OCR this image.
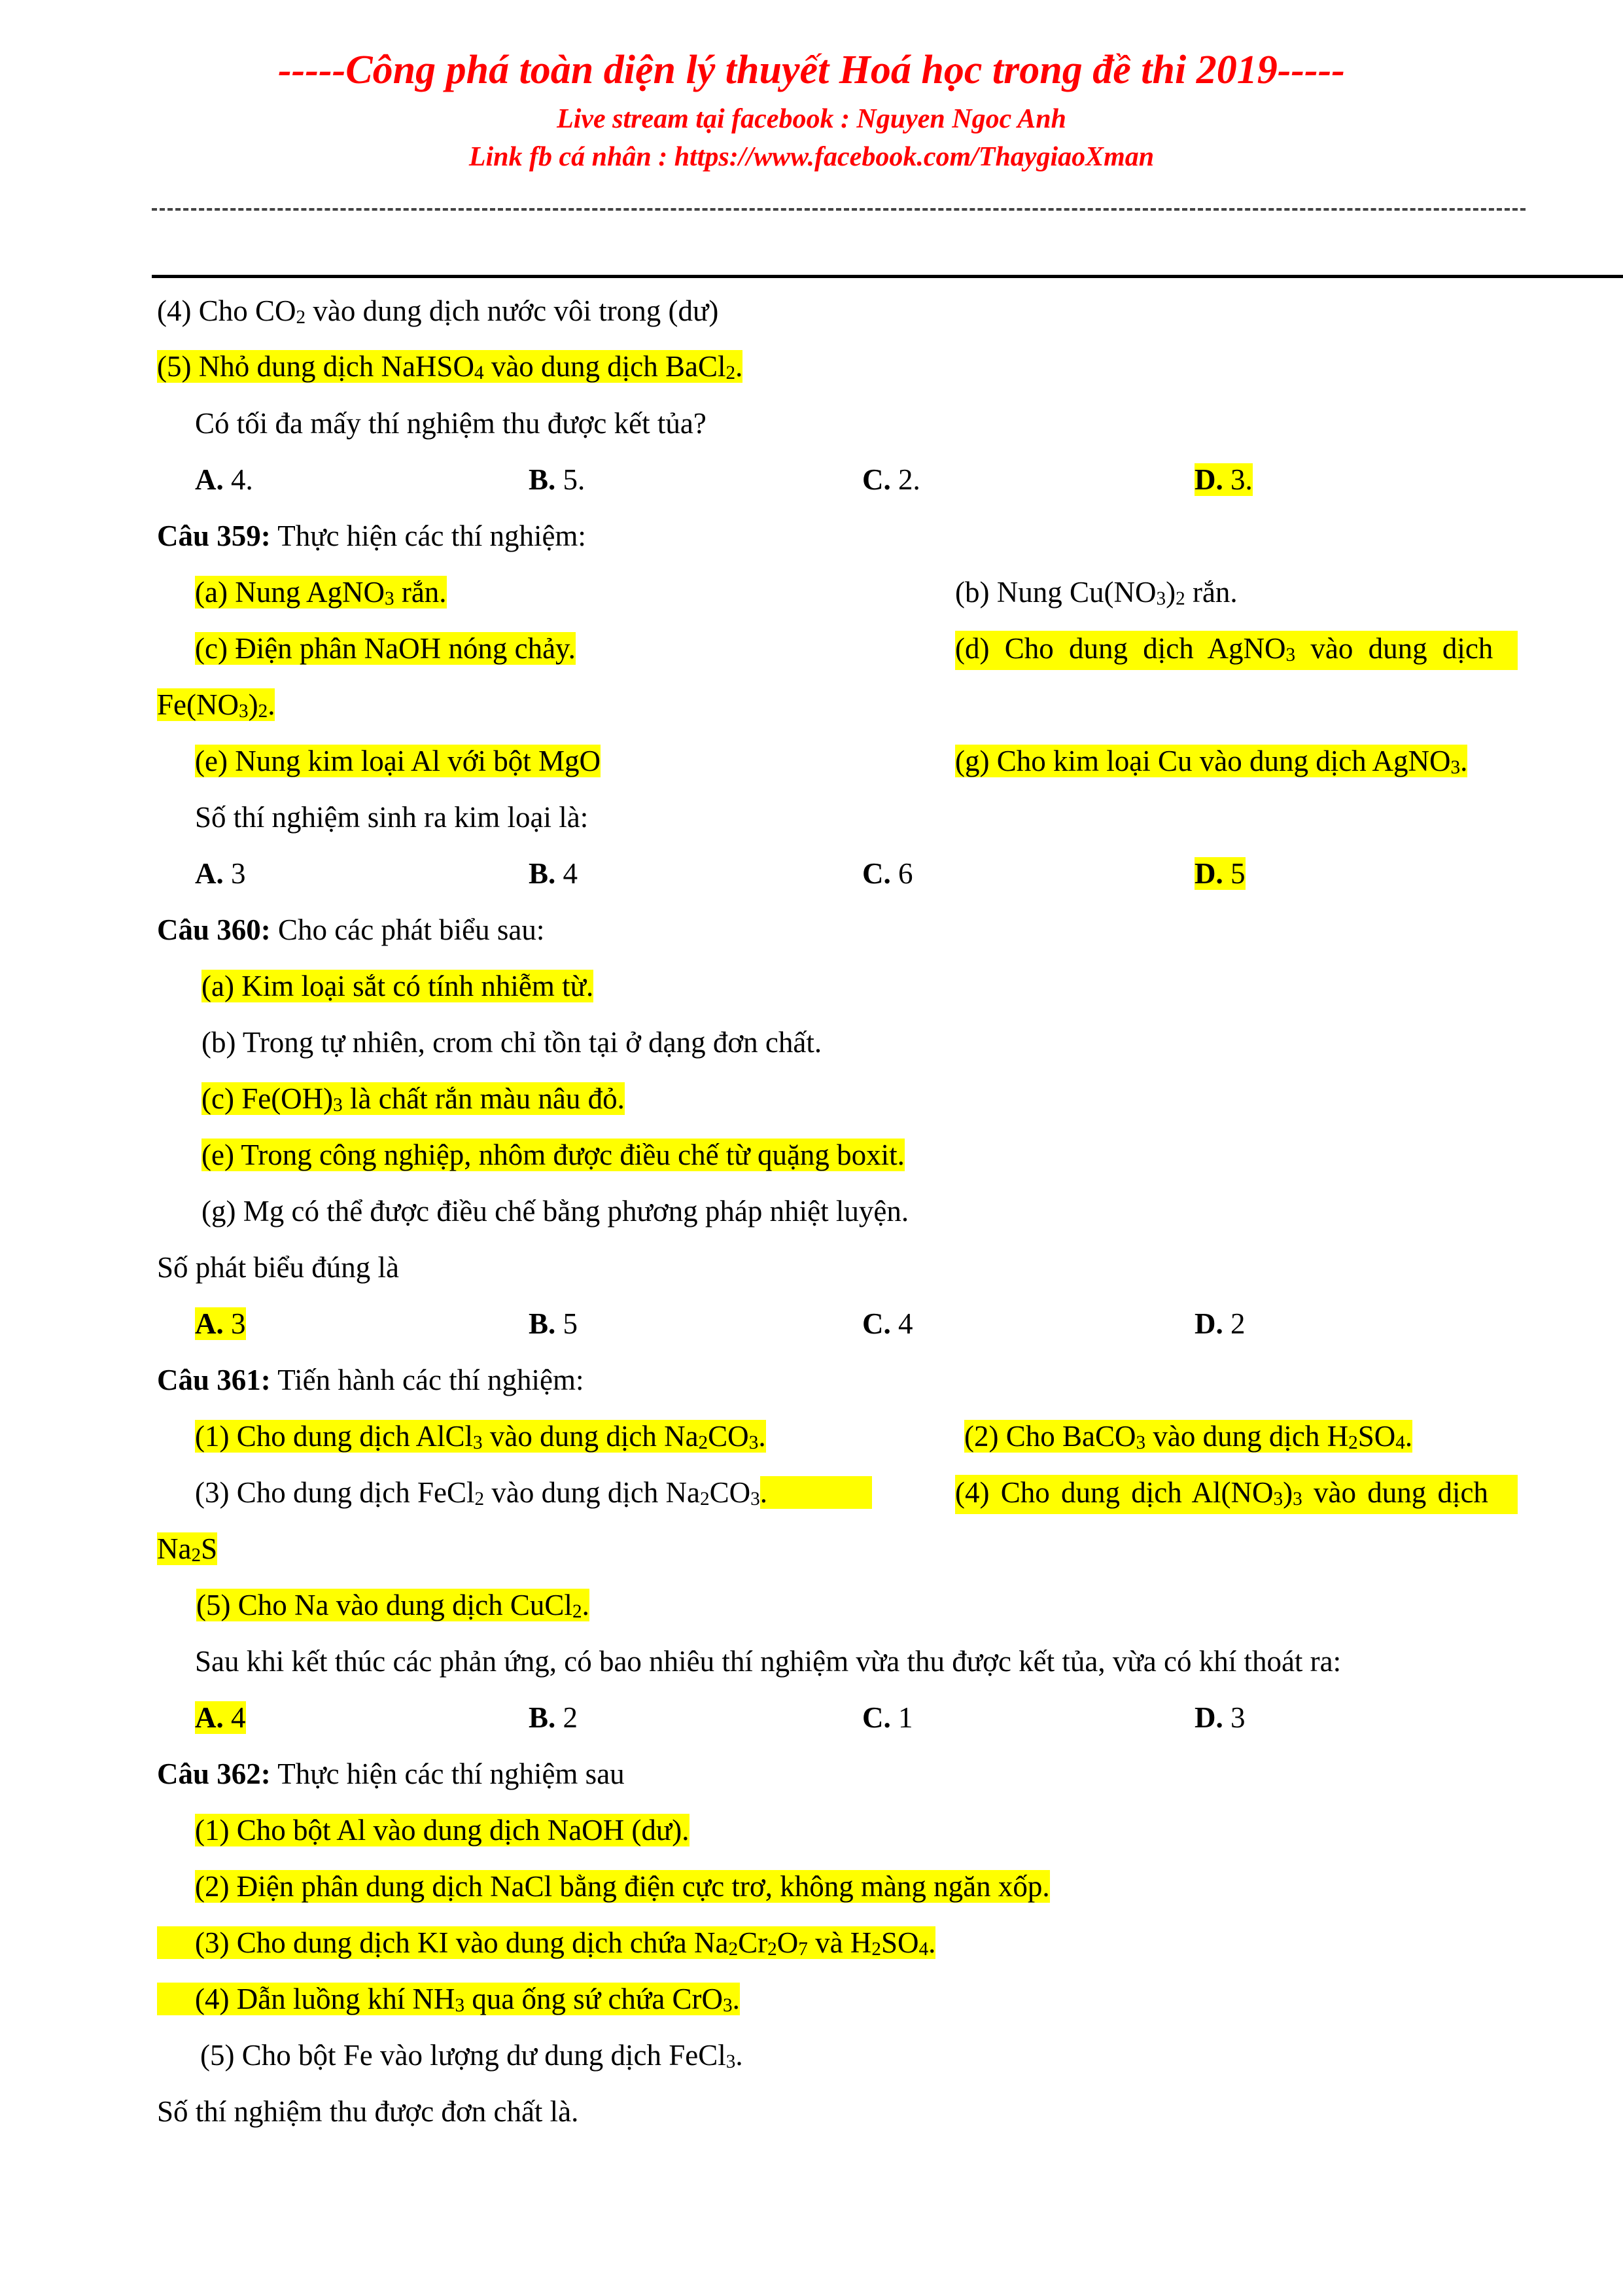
-----Công phá toàn diện lý thuyết Hoá học trong đề thi 2019-----
Live stream tại facebook : Nguyen Ngoc Anh
Link fb cá nhân : https://www.facebook.com/ThaygiaoXman
(4) Cho $CO_2$ vào dung dịch nước vôi trong (dư)
(5) Nhỏ dung dịch NaHSO$_4$ vào dung dịch BaCl$_2$.
Có tối đa mấy thí nghiệm thu được kết tủa?
A. 4.	B. 5.	C. 2.	D. 3.
Câu 359: Thực hiện các thí nghiệm:
(a) Nung AgNO$_3$ rắn.	(b) Nung $Cu(NO_3)_2$ rắn.
(c) Điện phân NaOH nóng chảy.	(d) Cho dung dịch AgNO$_3$ vào dung dịch
$Fe(NO_3)_2$.
(e) Nung kim loại Al với bột MgO	(g) Cho kim loại Cu vào dung dịch AgNO$_3$.
Số thí nghiệm sinh ra kim loại là:
A. 3	B. 4	C. 6	D. 5
Câu 360: Cho các phát biểu sau:
(a) Kim loại sắt có tính nhiễm từ.
(b) Trong tự nhiên, crom chỉ tồn tại ở dạng đơn chất.
(c) $Fe(OH)_3$ là chất rắn màu nâu đỏ.
(e) Trong công nghiệp, nhôm được điều chế từ quặng boxit.
(g) Mg có thể được điều chế bằng phương pháp nhiệt luyện.
Số phát biểu đúng là
A. 3	B. 5	C. 4	D. 2
Câu 361: Tiến hành các thí nghiệm:
(1) Cho dung dịch AlCl$_3$ vào dung dịch $Na_2CO_3$.	(2) Cho BaCO$_3$ vào dung dịch $H_2SO_4$.
(3) Cho dung dịch FeCl$_2$ vào dung dịch $Na_2CO_3$.	(4) Cho dung dịch $Al(NO_3)_3$ vào dung dịch
$Na_2S$
(5) Cho Na vào dung dịch CuCl$_2$.
Sau khi kết thúc các phản ứng, có bao nhiêu thí nghiệm vừa thu được kết tủa, vừa có khí thoát ra:
A. 4	B. 2	C. 1	D. 3
Câu 362: Thực hiện các thí nghiệm sau
(1) Cho bột Al vào dung dịch NaOH (dư).
(2) Điện phân dung dịch NaCl bằng điện cực trơ, không màng ngăn xốp.
(3) Cho dung dịch KI vào dung dịch chứa $Na_2Cr_2O_7$ và $H_2SO_4$.
(4) Dẫn luồng khí $NH_3$ qua ống sứ chứa CrO$_3$.
(5) Cho bột Fe vào lượng dư dung dịch FeCl$_3$.
Số thí nghiệm thu được đơn chất là.
